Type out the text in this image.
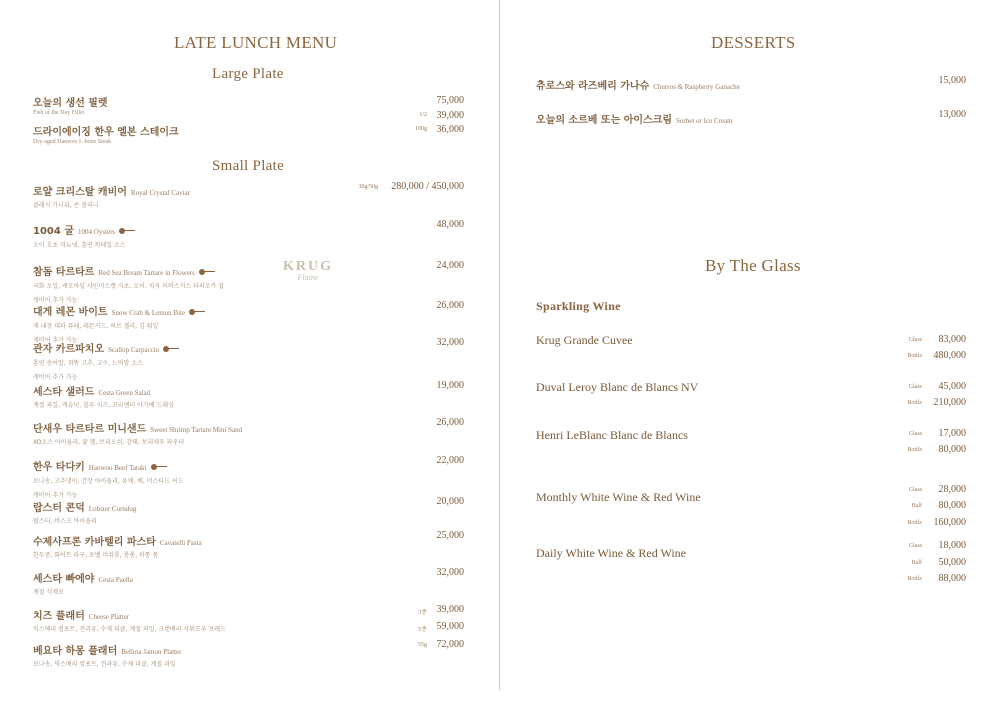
LATE LUNCH MENU
Large Plate
오늘의 생선 필렛
Fish of the Day Fillet
75,000
1/2 39,000
드라이에이징 한우 엘본 스테이크
Dry-aged Hanwoo L-bone Steak
100g 36,000
Small Plate
로얄 크리스탈 캐비어 Royal Crystal Caviar
클래식 가니쉬, 콘 블리니
30g/50g	280,000 / 450,000
1004 굴 1004 Oysters
오이 호초 미뇨넷, 훈연 칵테일 소스
48,000
참돔 타르타르 Red Sea Bream Tartare in Flowers
국화 오일, 캐모마일 샤인머스캣 식초, 오이, 치자 히비스커스 타피오카 칩
캐비어 추가 가능
24,000
KRUG
Flaine
대게 레몬 바이트 Snow Crab & Lemon Bite
게 내장 대파 퓨레, 레몬커드, 허브 젤리, 김 튀일
캐비어 추가 가능
26,000
관자 카르파치오 Scallop Carpaccio
훈연 송어알, 쥐똥 고추, 고수, 느억맘 소스
캐비어 추가 가능
32,000
세스타 샐러드 Cesta Green Salad
계절 과일, 캐슈넛, 블루 치즈, 코리앤더 아가베 드레싱
19,000
단새우 타르타르 미니샌드 Sweet Shrimp Tartare Mini Sand
XO소스 아이올리, 귤 젤, 브리오쉬, 감태, 보리새우 파우더
26,000
한우 타다키 Hanwoo Beef Tataki
로나송, 고추냉이, 간장 아이올리, 유채, 배, 머스타드 씨드
캐비어 추가 가능
22,000
랍스터 콘덕 Lobster Corndog
랍스터, 비스크 아이올리
20,000
수제사프론 카바텔리 파스타 Cavatelli Pasta
한두중, 화이트 라구, 포벨 머쉬룸, 롱롱, 하통 품
25,000
세스타 빠에야 Cesta Paella
계절 식재료
32,000
치즈 플래터 Cheese Platter
믹스베리 컴포트, 견과류, 수제 피클, 계절 과일, 크랜베리 사워도우 브레드
3종 39,000
5종 59,000
베요타 하몽 플래터 Bellota Jamon Platter
로나송, 믹스베리 컴포트, 견과류, 수제 피클, 계절 과일
55g 72,000
DESSERTS
츄로스와 라즈베리 가나슈 Churros & Raspberry Ganache
15,000
오늘의 소르베 또는 아이스크림 Sorbet or Ice Cream
13,000
By The Glass
Sparkling Wine
Krug Grande Cuvee	Glass	83,000
Bottle	480,000
Duval Leroy Blanc de Blancs NV	Glass	45,000
Bottle	210,000
Henri LeBlanc Blanc de Blancs	Glass	17,000
Bottle	80,000
Monthly White Wine & Red Wine	Glass	28,000
Half	80,000
Bottle	160,000
Daily White Wine & Red Wine	Glass	18,000
Half	50,000
Bottle	88,000
